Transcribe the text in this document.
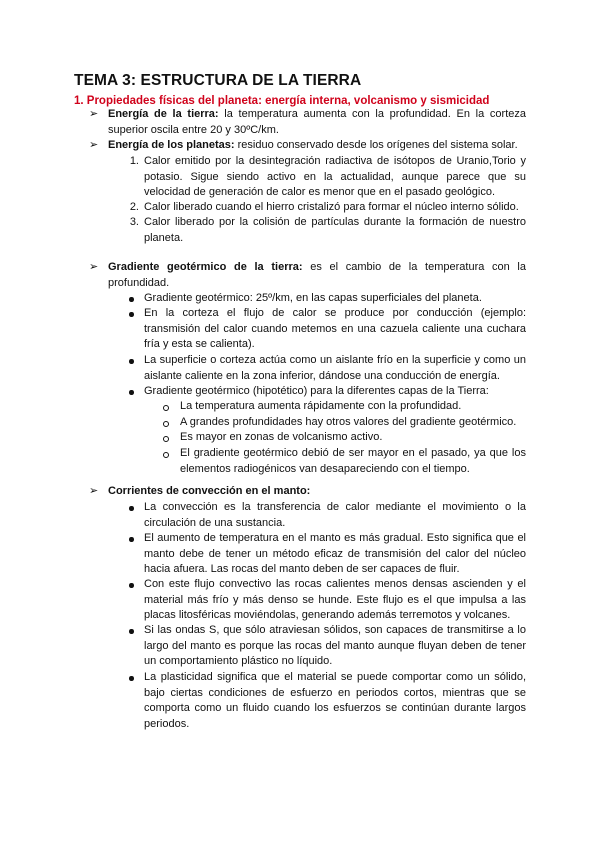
TEMA 3: ESTRUCTURA DE LA TIERRA
1. Propiedades físicas del planeta: energía interna, volcanismo y sismicidad
➢ Energía de la tierra: la temperatura aumenta con la profundidad. En la corteza superior oscila entre 20 y 30ºC/km.
➢ Energía de los planetas: residuo conservado desde los orígenes del sistema solar.
1. Calor emitido por la desintegración radiactiva de isótopos de Uranio,Torio y potasio. Sigue siendo activo en la actualidad, aunque parece que su velocidad de generación de calor es menor que en el pasado geológico.
2. Calor liberado cuando el hierro cristalizó para formar el núcleo interno sólido.
3. Calor liberado por la colisión de partículas durante la formación de nuestro planeta.
➢ Gradiente geotérmico de la tierra: es el cambio de la temperatura con la profundidad.
Gradiente geotérmico: 25º/km, en las capas superficiales del planeta.
En la corteza el flujo de calor se produce por conducción (ejemplo: transmisión del calor cuando metemos en una cazuela caliente una cuchara fría y esta se calienta).
La superficie o corteza actúa como un aislante frío en la superficie y como un aislante caliente en la zona inferior, dándose una conducción de energía.
Gradiente geotérmico (hipotético) para la diferentes capas de la Tierra:
La temperatura aumenta rápidamente con la profundidad.
A grandes profundidades hay otros valores del gradiente geotérmico.
Es mayor en zonas de volcanismo activo.
El gradiente geotérmico debió de ser mayor en el pasado, ya que los elementos radiogénicos van desapareciendo con el tiempo.
➢ Corrientes de convección en el manto:
La convección es la transferencia de calor mediante el movimiento o la circulación de una sustancia.
El aumento de temperatura en el manto es más gradual. Esto significa que el manto debe de tener un método eficaz de transmisión del calor del núcleo hacia afuera. Las rocas del manto deben de ser capaces de fluir.
Con este flujo convectivo las rocas calientes menos densas ascienden y el material más frío y más denso se hunde. Este flujo es el que impulsa a las placas litosféricas moviéndolas, generando además terremotos y volcanes.
Si las ondas S, que sólo atraviesan sólidos, son capaces de transmitirse a lo largo del manto es porque las rocas del manto aunque fluyan deben de tener un comportamiento plástico no líquido.
La plasticidad significa que el material se puede comportar como un sólido, bajo ciertas condiciones de esfuerzo en periodos cortos, mientras que se comporta como un fluido cuando los esfuerzos se continúan durante largos periodos.
